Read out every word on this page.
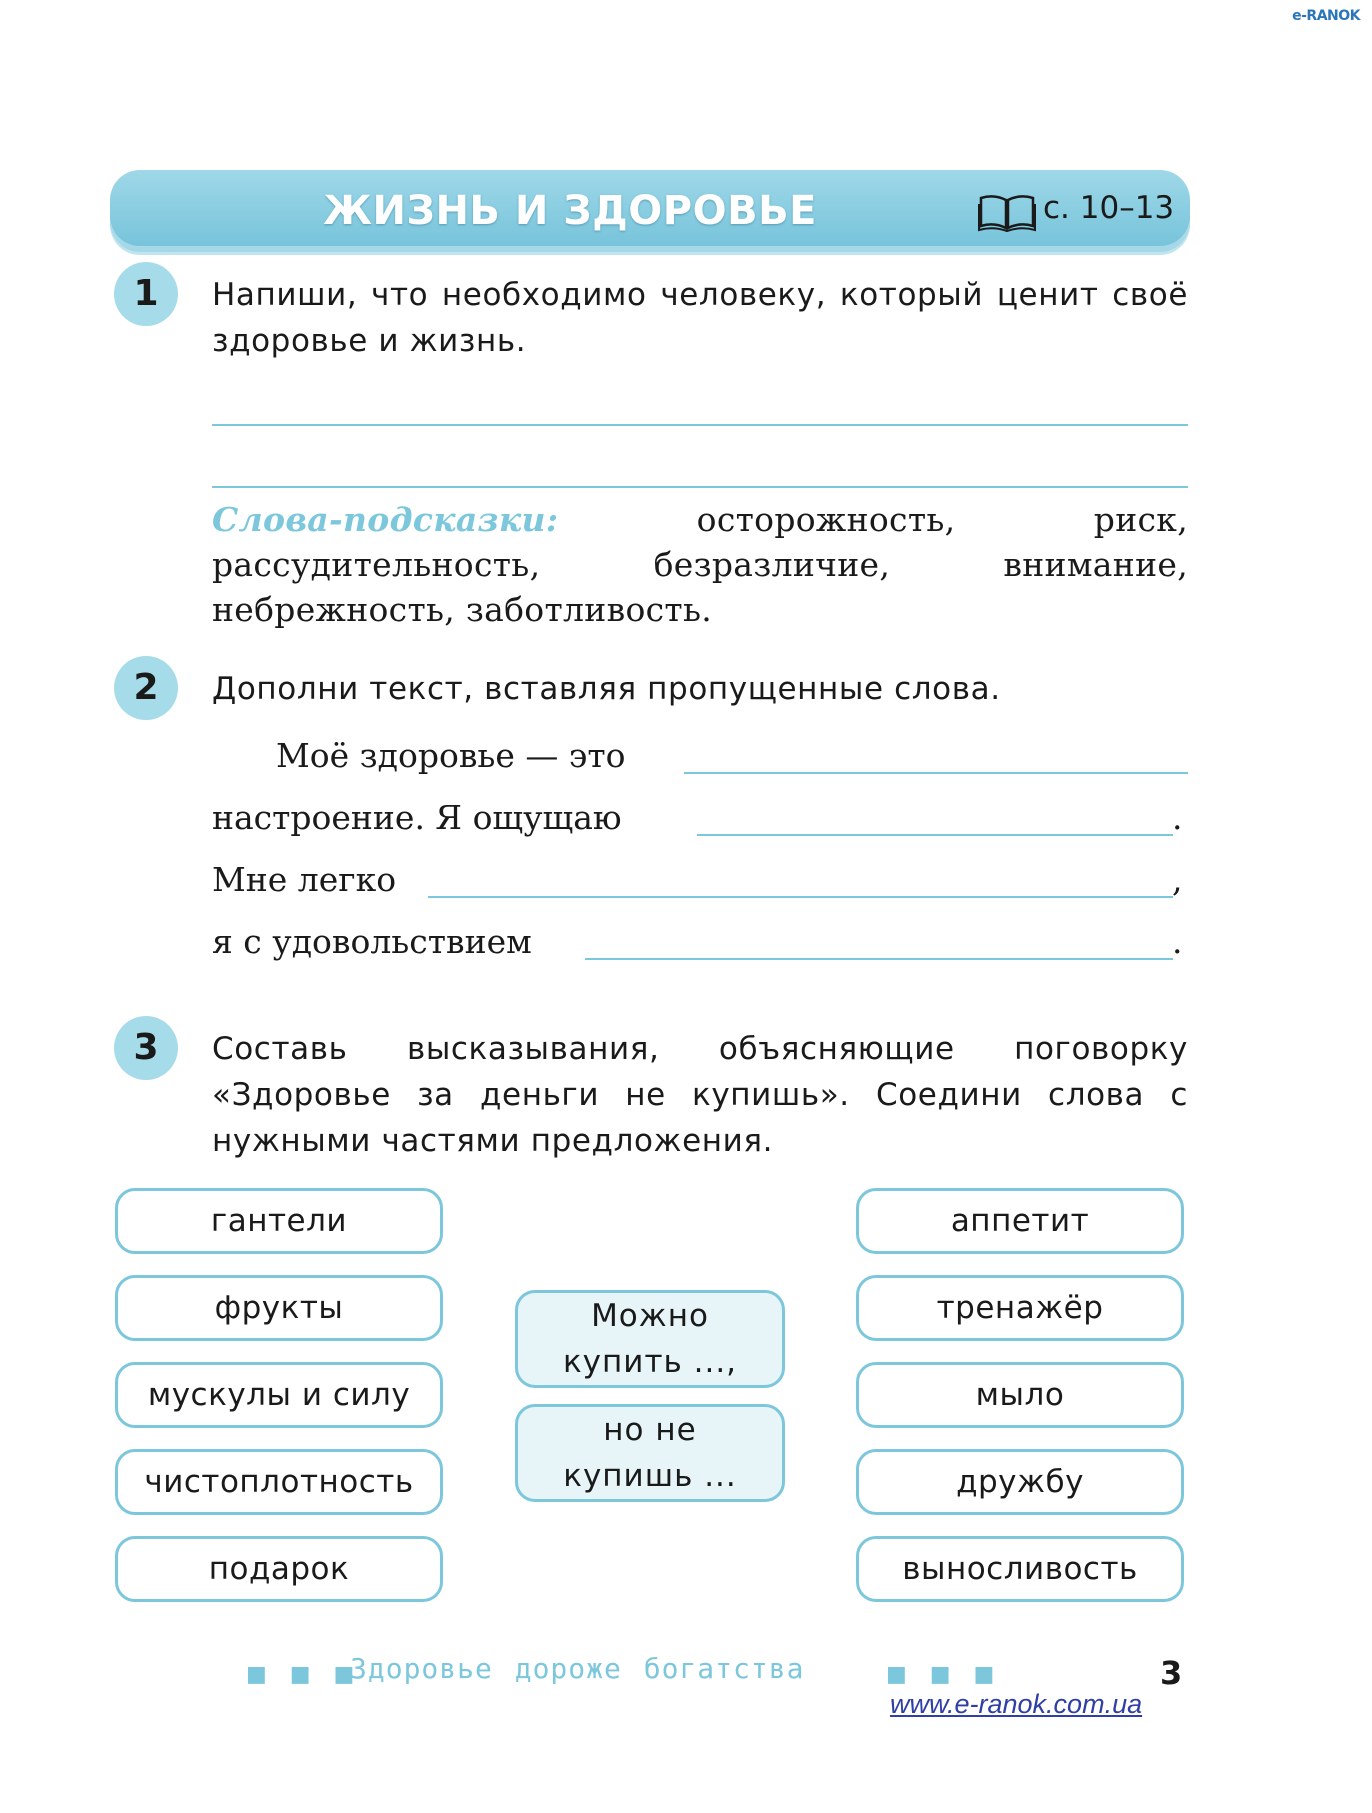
e-RANOK
ЖИЗНЬ И ЗДОРОВЬЕ	с. 10–13
1	Напиши, что необходимо человеку, который ценит своё здоровье и жизнь.
Слова-подсказки:	осторожность, риск, рассудительность, безразличие, внимание, небрежность, заботливость.
2	Дополни текст, вставляя пропущенные слова.
Моё здоровье — это
настроение. Я ощущаю	.
Мне легко	,
я с удовольствием	.
3	Составь высказывания, объясняющие поговорку «Здоровье за деньги не купишь». Соедини слова с нужными частями предложения.
гантели
фрукты
мускулы и силу
чистоплотность
подарок
Можно
купить ...,
но не
купишь ...
аппетит
тренажёр
мыло
дружбу
выносливость
■ ■ ■
Здоровье дороже богатства	■ ■ ■	3
www.e-ranok.com.ua
